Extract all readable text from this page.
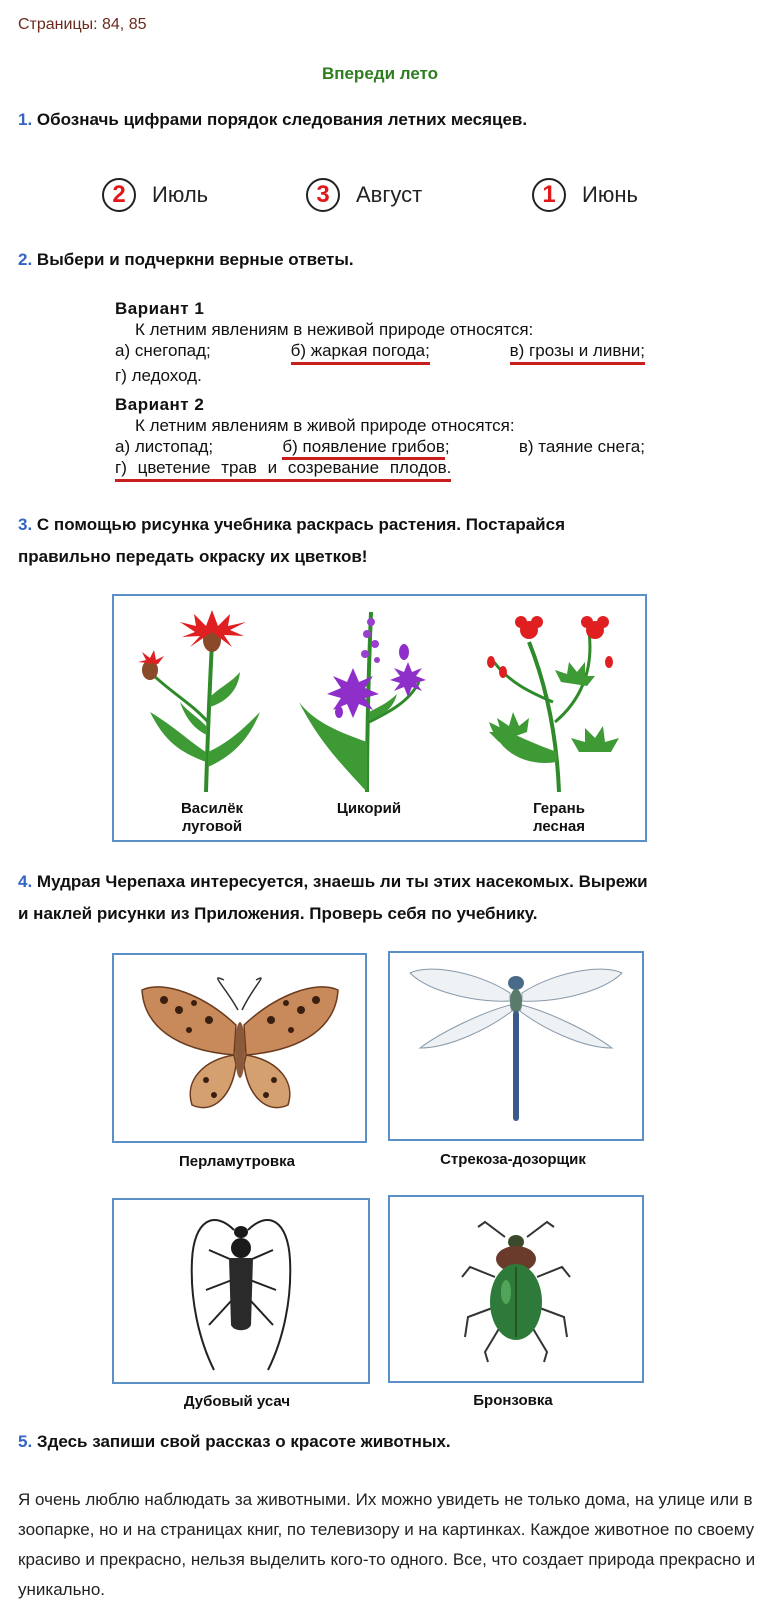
Страницы: 84, 85
Впереди лето
1. Обозначь цифрами порядок следования летних месяцев.
2	Июль	3	Август	1	Июнь
2. Выбери и подчеркни верные ответы.
Вариант 1
К летним явлениям в неживой природе относятся:
а) снегопад;	б) жаркая погода;	в) грозы и ливни;
г) ледоход.
Вариант 2
К летним явлениям в живой природе относятся:
а) листопад;	б) появление грибов;	в) таяние снега;
г) цветение трав и созревание плодов.
3. С помощью рисунка учебника раскрась растения. Постарайся
правильно передать окраску их цветков!
Василёк
луговой
Цикорий	Герань
лесная
4. Мудрая Черепаха интересуется, знаешь ли ты этих насекомых. Вырежи
и наклей рисунки из Приложения. Проверь себя по учебнику.
Перламутровка	Стрекоза-дозорщик
Дубовый усач	Бронзовка
5. Здесь запиши свой рассказ о красоте животных.
Я очень люблю наблюдать за животными. Их можно увидеть не только дома, на улице или в зоопарке, но и на страницах книг, по телевизору и на картинках. Каждое животное по своему красиво и прекрасно, нельзя выделить кого-то одного. Все, что создает природа прекрасно и уникально.
